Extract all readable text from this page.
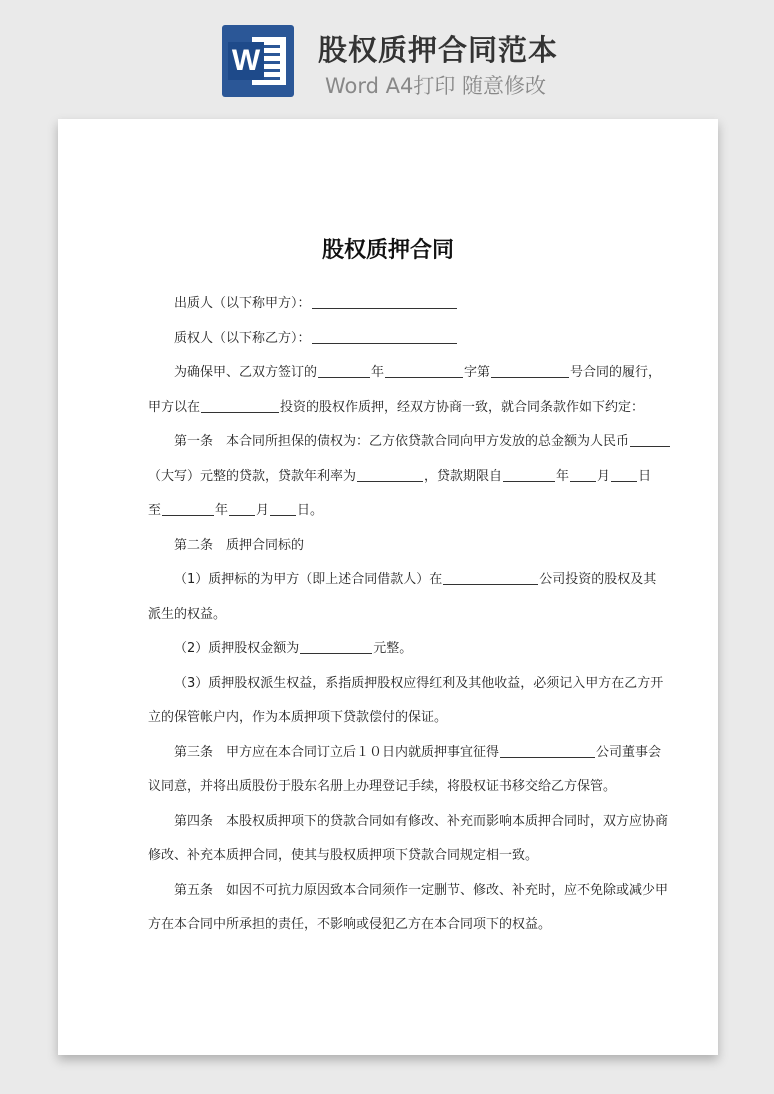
W 股权质押合同范本
Word A4打印 随意修改
股权质押合同

出质人（以下称甲方）：

质权人（以下称乙方）：

为确保甲、乙双方签订的	年	字第	号合同的履行，

甲方以在	投资的股权作质押，经双方协商一致，就合同条款作如下约定：

第一条　本合同所担保的债权为：乙方依贷款合同向甲方发放的总金额为人民币

（大写）元整的贷款，贷款年利率为	，贷款期限自	年 月 日

至	年 月 日。

第二条　质押合同标的

（1）质押标的为甲方（即上述合同借款人）在	公司投资的股权及其

派生的权益。

（2）质押股权金额为	元整。

（3）质押股权派生权益，系指质押股权应得红利及其他收益，必须记入甲方在乙方开

立的保管帐户内，作为本质押项下贷款偿付的保证。

第三条　甲方应在本合同订立后１０日内就质押事宜征得	公司董事会

议同意，并将出质股份于股东名册上办理登记手续，将股权证书移交给乙方保管。

第四条　本股权质押项下的贷款合同如有修改、补充而影响本质押合同时，双方应协商

修改、补充本质押合同，使其与股权质押项下贷款合同规定相一致。

第五条　如因不可抗力原因致本合同须作一定删节、修改、补充时，应不免除或减少甲

方在本合同中所承担的责任，不影响或侵犯乙方在本合同项下的权益。
